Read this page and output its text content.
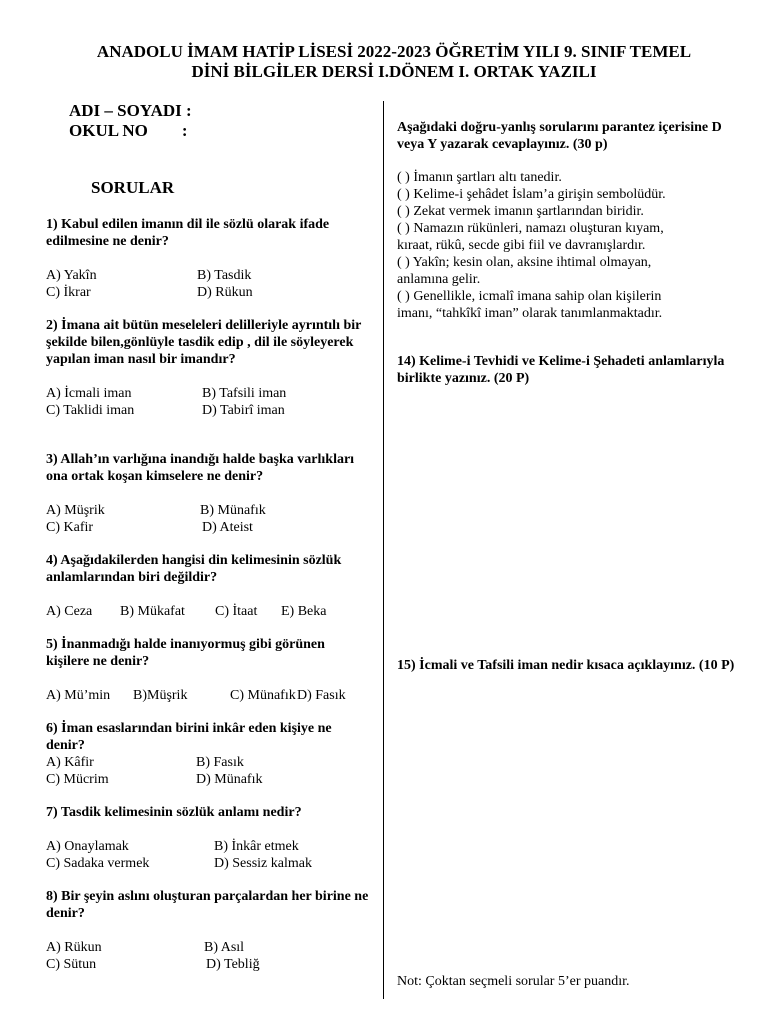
ANADOLU İMAM HATİP LİSESİ 2022-2023 ÖĞRETİM YILI 9. SINIF TEMEL
DİNİ BİLGİLER DERSİ I.DÖNEM I. ORTAK YAZILI
ADI – SOYADI :
OKUL NO        :
SORULAR
1) Kabul edilen imanın dil ile sözlü olarak ifade edilmesine ne denir?
A) Yakîn	B) Tasdik
C) İkrar	D) Rükun
2) İmana ait bütün meseleleri delilleriyle ayrıntılı bir şekilde bilen,gönlüyle tasdik edip , dil ile söyleyerek yapılan iman nasıl bir imandır?
A) İcmali iman	B) Tafsili iman
C) Taklidi iman	D) Tabirî iman
3) Allah’ın varlığına inandığı halde başka varlıkları ona ortak koşan kimselere ne denir?
A) Müşrik	B) Münafık
C) Kafir	D) Ateist
4) Aşağıdakilerden hangisi din kelimesinin sözlük anlamlarından biri değildir?
A) Ceza B) Mükafat C) İtaat E) Beka
5) İnanmadığı halde inanıyormuş gibi görünen kişilere ne denir?
A) Mü’min B)Müşrik	C) Münafık D) Fasık
6) İman esaslarından birini inkâr eden kişiye ne denir?
A) Kâfir	B) Fasık
C) Mücrim	D) Münafık
7) Tasdik kelimesinin sözlük anlamı nedir?
A) Onaylamak	B) İnkâr etmek
C) Sadaka vermek	D) Sessiz kalmak
8) Bir şeyin aslını oluşturan parçalardan her birine ne denir?
A) Rükun	B) Asıl
C) Sütun	D) Tebliğ
Aşağıdaki doğru-yanlış sorularını parantez içerisine D veya Y yazarak cevaplayınız. (30 p)
( ) İmanın şartları altı tanedir.
( ) Kelime-i şehâdet İslam’a girişin sembolüdür.
( ) Zekat vermek imanın şartlarından biridir.
( ) Namazın rükünleri, namazı oluşturan kıyam,
kıraat, rükû, secde gibi fiil ve davranışlardır.
( ) Yakîn; kesin olan, aksine ihtimal olmayan,
anlamına gelir.
( ) Genellikle, icmalî imana sahip olan kişilerin
imanı, “tahkîkî iman” olarak tanımlanmaktadır.
14) Kelime-i Tevhidi ve Kelime-i Şehadeti anlamlarıyla birlikte yazınız. (20 P)
15) İcmali ve Tafsili iman nedir kısaca açıklayınız. (10 P)
Not: Çoktan seçmeli sorular 5’er puandır.
